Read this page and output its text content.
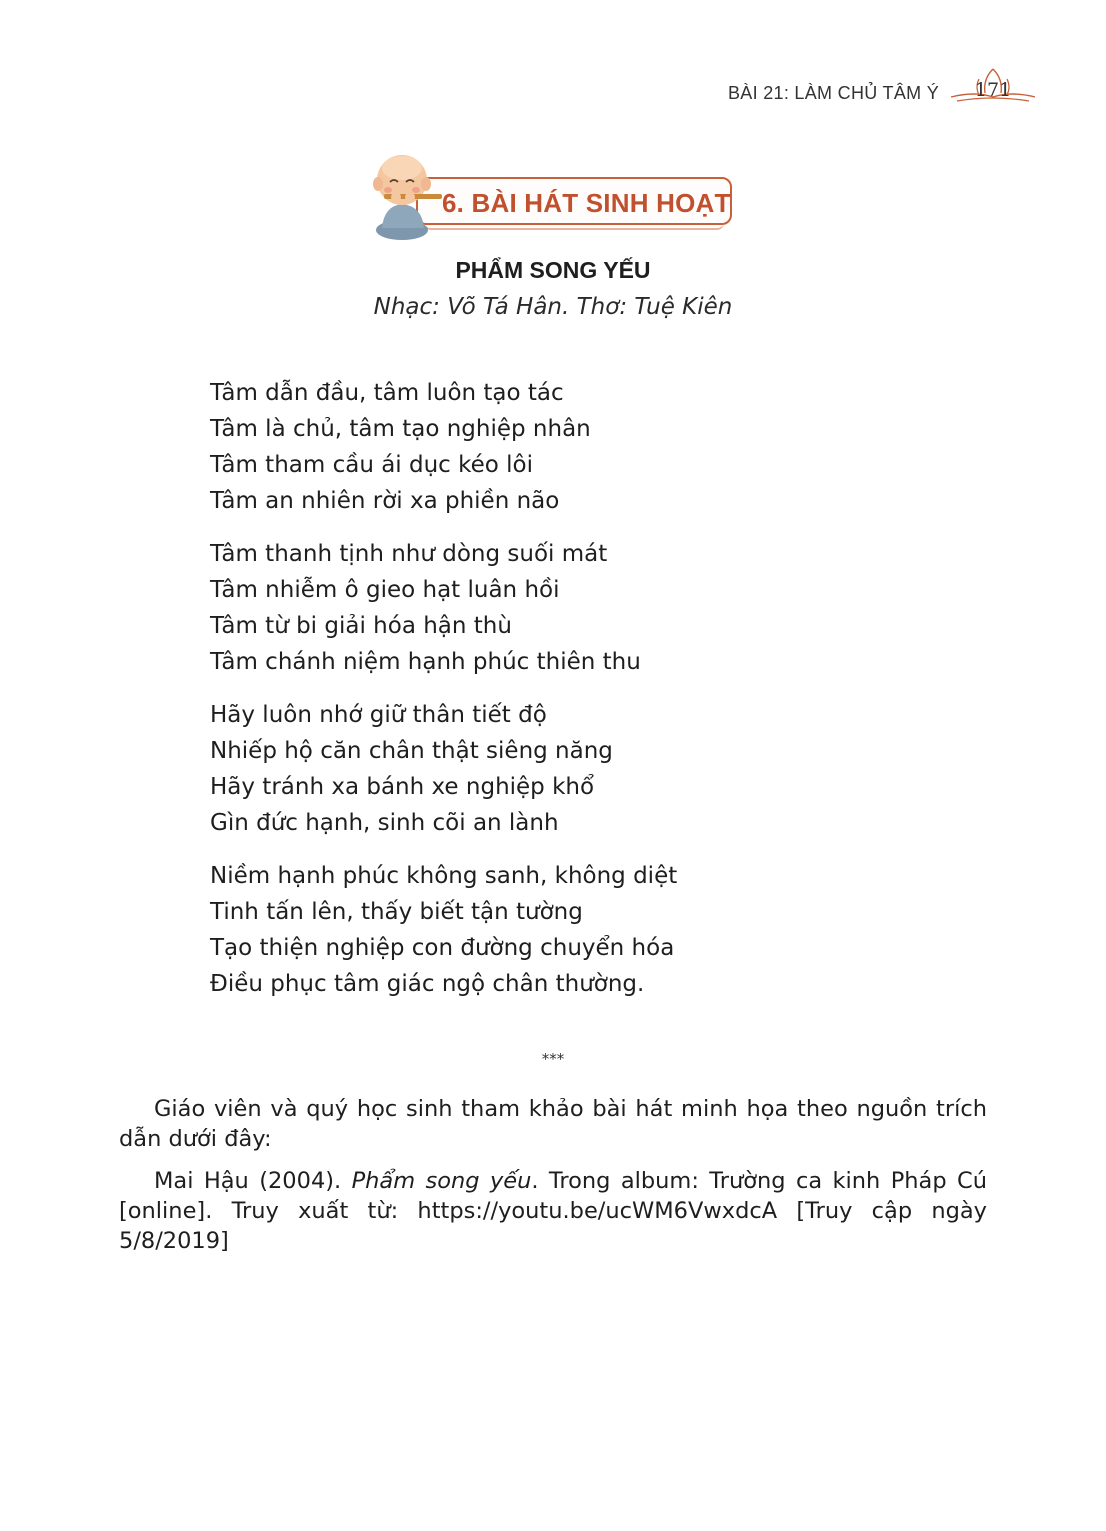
BÀI 21: LÀM CHỦ TÂM Ý	171
6. BÀI HÁT SINH HOẠT
PHẨM SONG YẾU
Nhạc: Võ Tá Hân. Thơ: Tuệ Kiên
Tâm dẫn đầu, tâm luôn tạo tác
Tâm là chủ, tâm tạo nghiệp nhân
Tâm tham cầu ái dục kéo lôi
Tâm an nhiên rời xa phiền não
Tâm thanh tịnh như dòng suối mát
Tâm nhiễm ô gieo hạt luân hồi
Tâm từ bi giải hóa hận thù
Tâm chánh niệm hạnh phúc thiên thu
Hãy luôn nhớ giữ thân tiết độ
Nhiếp hộ căn chân thật siêng năng
Hãy tránh xa bánh xe nghiệp khổ
Gìn đức hạnh, sinh cõi an lành
Niềm hạnh phúc không sanh, không diệt
Tinh tấn lên, thấy biết tận tường
Tạo thiện nghiệp con đường chuyển hóa
Điều phục tâm giác ngộ chân thường.
***

Giáo viên và quý học sinh tham khảo bài hát minh họa theo nguồn trích dẫn dưới đây:

Mai Hậu (2004). Phẩm song yếu. Trong album: Trường ca kinh Pháp Cú [online]. Truy xuất từ: https://youtu.be/ucWM6VwxdcA [Truy cập ngày 5/8/2019]
